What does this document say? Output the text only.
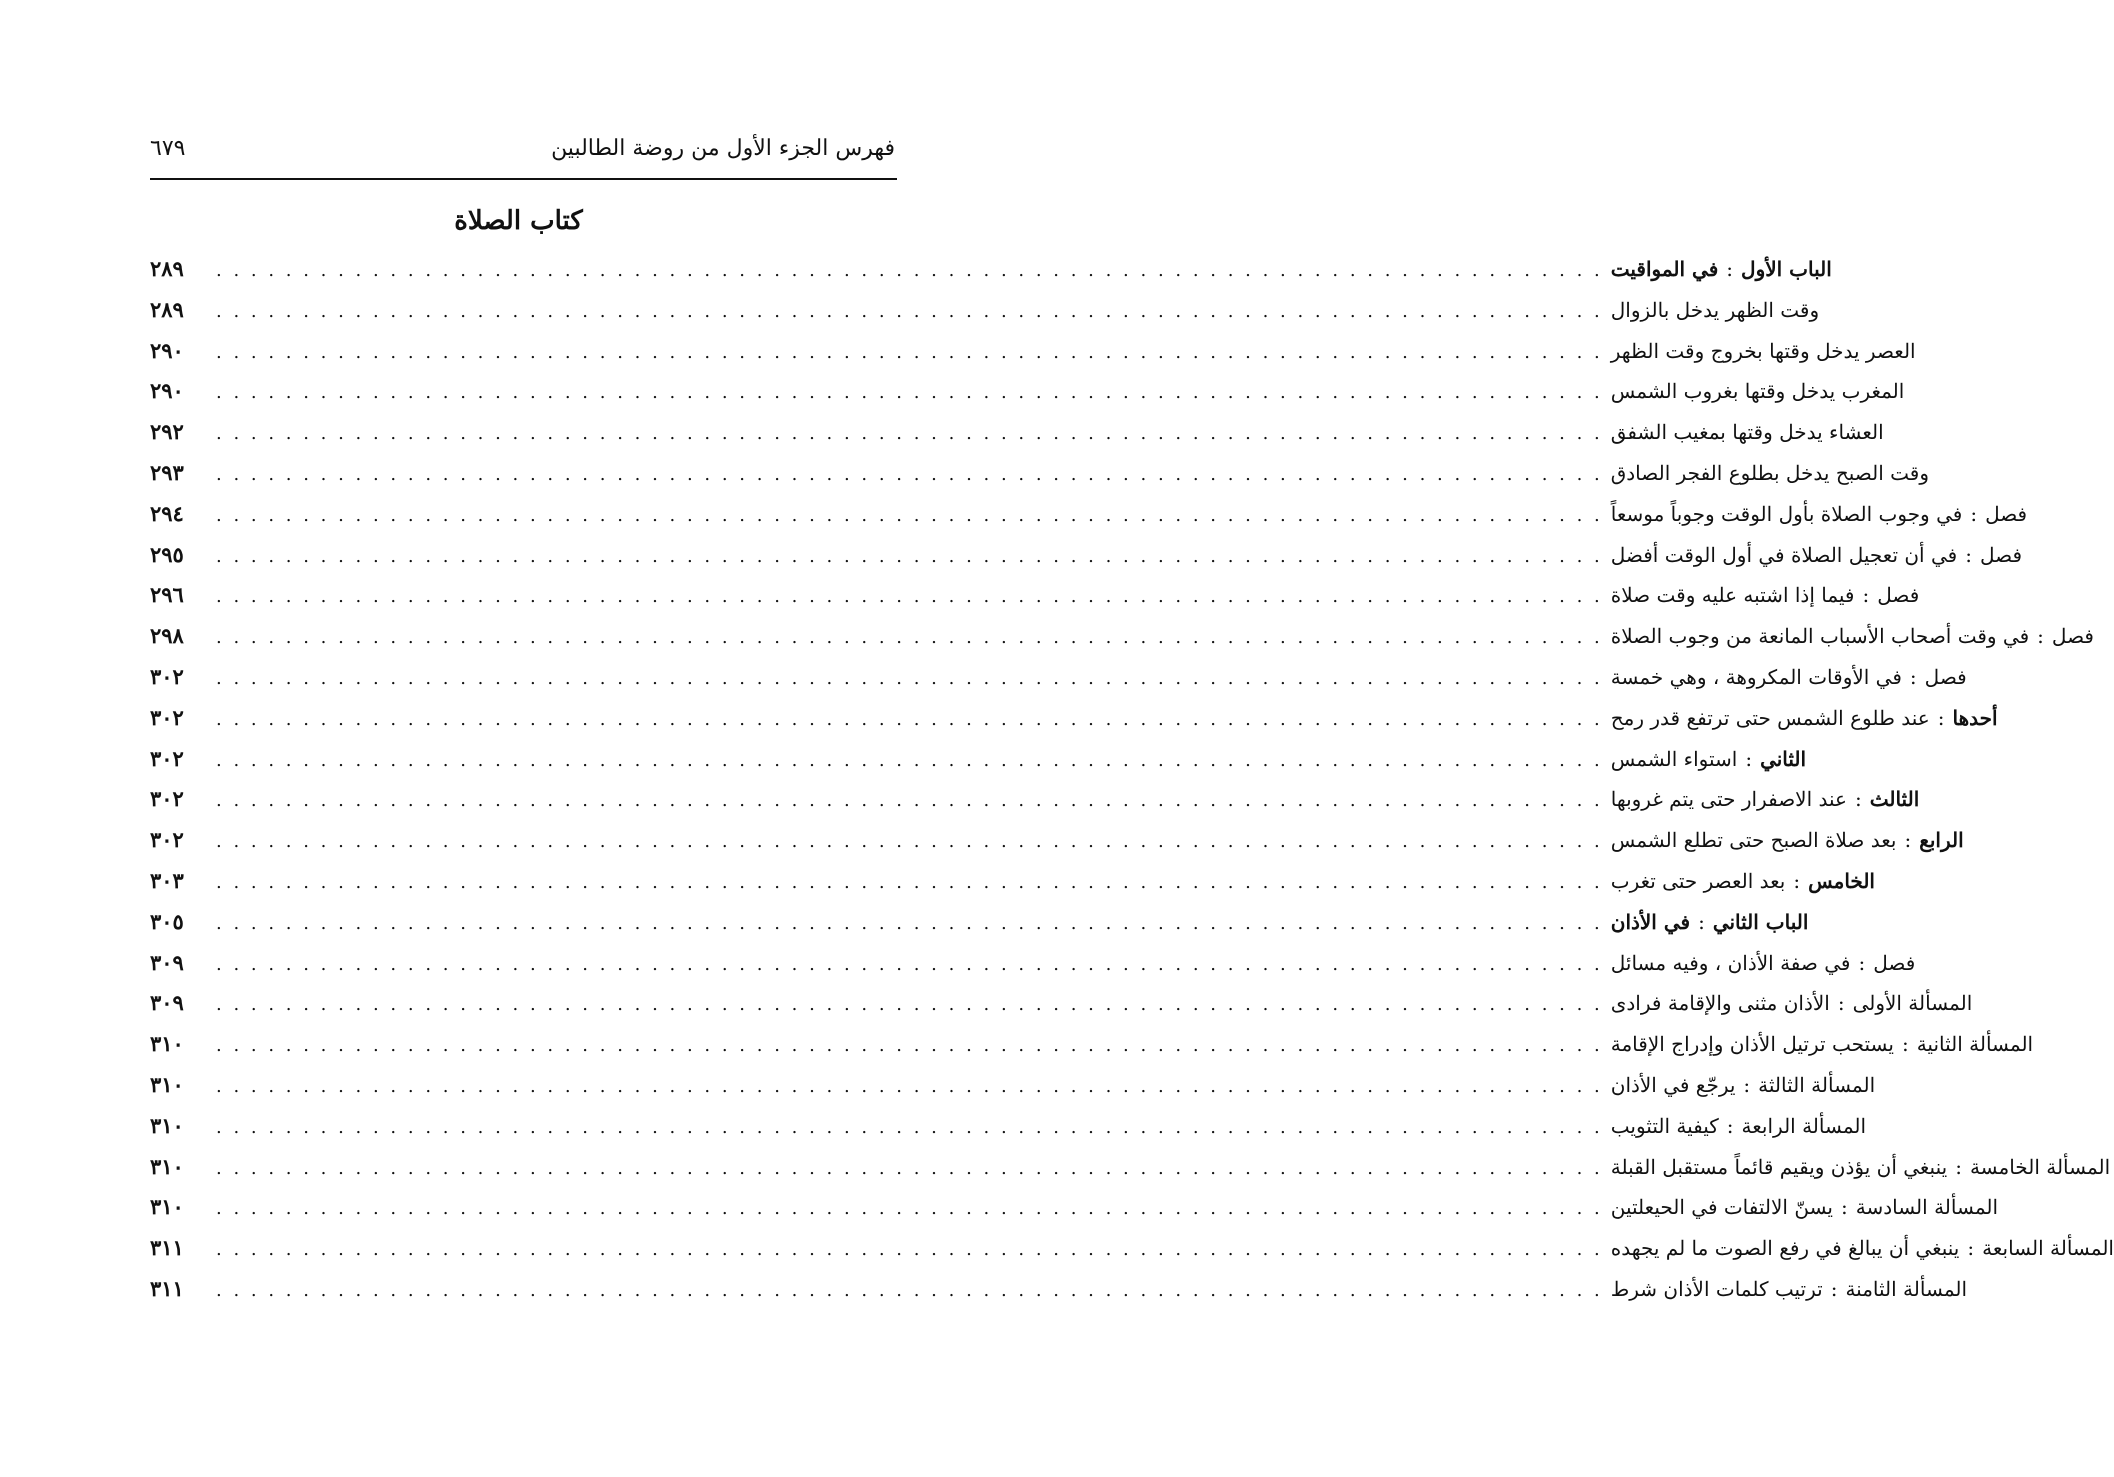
فهرس الجزء الأول من روضة الطالبين
٦٧٩
كتاب الصلاة
٢٨٩	. . . . . . . . . . . . . . . . . . . . . . . . . . . . . . . . . . . . . . . . . . . . . . . . . . . . . . . . . . . . . . . . . . . . . . . . . . . . . . . .	الباب الأول:في المواقيت
٢٨٩	. . . . . . . . . . . . . . . . . . . . . . . . . . . . . . . . . . . . . . . . . . . . . . . . . . . . . . . . . . . . . . . . . . . . . . . . . . . . . . . . وقت الظهر يدخل بالزوال
٢٩٠	. . . . . . . . . . . . . . . . . . . . . . . . . . . . . . . . . . . . . . . . . . . . . . . . . . . . . . . . . . . . . . . . . . . . . . . . . . . . . . . . العصر يدخل وقتها بخروج وقت الظهر
٢٩٠	. . . . . . . . . . . . . . . . . . . . . . . . . . . . . . . . . . . . . . . . . . . . . . . . . . . . . . . . . . . . . . . . . . . . . . . . . . . . . . . . المغرب يدخل وقتها بغروب الشمس
٢٩٢	. . . . . . . . . . . . . . . . . . . . . . . . . . . . . . . . . . . . . . . . . . . . . . . . . . . . . . . . . . . . . . . . . . . . . . . . . . . . . . . . العشاء يدخل وقتها بمغيب الشفق
٢٩٣	. . . . . . . . . . . . . . . . . . . . . . . . . . . . . . . . . . . . . . . . . . . . . . . . . . . . . . . . . . . . . . . . . . . . . . . . . . . . . . . . وقت الصبح يدخل بطلوع الفجر الصادق
٢٩٤	. . . . . . . . . . . . . . . . . . . . . . . . . . . . . . . . . . . . . . . . . . . . . . . . . . . . . . . . . . . . . . . . . . . . . . . . . . . . . . . .	فصل:في وجوب الصلاة بأول الوقت وجوباً موسعاً
٢٩٥	. . . . . . . . . . . . . . . . . . . . . . . . . . . . . . . . . . . . . . . . . . . . . . . . . . . . . . . . . . . . . . . . . . . . . . . . . . . . . . . .	فصل:في أن تعجيل الصلاة في أول الوقت أفضل
٢٩٦	. . . . . . . . . . . . . . . . . . . . . . . . . . . . . . . . . . . . . . . . . . . . . . . . . . . . . . . . . . . . . . . . . . . . . . . . . . . . . . . .	فصل:فيما إذا اشتبه عليه وقت صلاة
٢٩٨	. . . . . . . . . . . . . . . . . . . . . . . . . . . . . . . . . . . . . . . . . . . . . . . . . . . . . . . . . . . . . . . . . . . . . . . . . . . . . . . .	فصل:في وقت أصحاب الأسباب المانعة من وجوب الصلاة
٣٠٢	. . . . . . . . . . . . . . . . . . . . . . . . . . . . . . . . . . . . . . . . . . . . . . . . . . . . . . . . . . . . . . . . . . . . . . . . . . . . . . . .	فصل:في الأوقات المكروهة ، وهي خمسة
٣٠٢	. . . . . . . . . . . . . . . . . . . . . . . . . . . . . . . . . . . . . . . . . . . . . . . . . . . . . . . . . . . . . . . . . . . . . . . . . . . . . . . .	أحدها:عند طلوع الشمس حتى ترتفع قدر رمح
٣٠٢	. . . . . . . . . . . . . . . . . . . . . . . . . . . . . . . . . . . . . . . . . . . . . . . . . . . . . . . . . . . . . . . . . . . . . . . . . . . . . . . .	الثاني:استواء الشمس
٣٠٢	. . . . . . . . . . . . . . . . . . . . . . . . . . . . . . . . . . . . . . . . . . . . . . . . . . . . . . . . . . . . . . . . . . . . . . . . . . . . . . . .	الثالث:عند الاصفرار حتى يتم غروبها
٣٠٢	. . . . . . . . . . . . . . . . . . . . . . . . . . . . . . . . . . . . . . . . . . . . . . . . . . . . . . . . . . . . . . . . . . . . . . . . . . . . . . . .	الرابع:بعد صلاة الصبح حتى تطلع الشمس
٣٠٣	. . . . . . . . . . . . . . . . . . . . . . . . . . . . . . . . . . . . . . . . . . . . . . . . . . . . . . . . . . . . . . . . . . . . . . . . . . . . . . . .	الخامس:بعد العصر حتى تغرب
٣٠٥	. . . . . . . . . . . . . . . . . . . . . . . . . . . . . . . . . . . . . . . . . . . . . . . . . . . . . . . . . . . . . . . . . . . . . . . . . . . . . . . .	الباب الثاني:في الأذان
٣٠٩	. . . . . . . . . . . . . . . . . . . . . . . . . . . . . . . . . . . . . . . . . . . . . . . . . . . . . . . . . . . . . . . . . . . . . . . . . . . . . . . .	فصل:في صفة الأذان ، وفيه مسائل
٣٠٩	. . . . . . . . . . . . . . . . . . . . . . . . . . . . . . . . . . . . . . . . . . . . . . . . . . . . . . . . . . . . . . . . . . . . . . . . . . . . . . . .	المسألة الأولى:الأذان مثنى والإقامة فرادى
٣١٠	. . . . . . . . . . . . . . . . . . . . . . . . . . . . . . . . . . . . . . . . . . . . . . . . . . . . . . . . . . . . . . . . . . . . . . . . . . . . . . . .	المسألة الثانية:يستحب ترتيل الأذان وإدراج الإقامة
٣١٠	. . . . . . . . . . . . . . . . . . . . . . . . . . . . . . . . . . . . . . . . . . . . . . . . . . . . . . . . . . . . . . . . . . . . . . . . . . . . . . . .	المسألة الثالثة:يرجّع في الأذان
٣١٠	. . . . . . . . . . . . . . . . . . . . . . . . . . . . . . . . . . . . . . . . . . . . . . . . . . . . . . . . . . . . . . . . . . . . . . . . . . . . . . . .	المسألة الرابعة:كيفية التثويب
٣١٠	. . . . . . . . . . . . . . . . . . . . . . . . . . . . . . . . . . . . . . . . . . . . . . . . . . . . . . . . . . . . . . . . . . . . . . . . . . . . . . . .	المسألة الخامسة:ينبغي أن يؤذن ويقيم قائماً مستقبل القبلة
٣١٠	. . . . . . . . . . . . . . . . . . . . . . . . . . . . . . . . . . . . . . . . . . . . . . . . . . . . . . . . . . . . . . . . . . . . . . . . . . . . . . . .	المسألة السادسة:يسنّ الالتفات في الحيعلتين
٣١١	. . . . . . . . . . . . . . . . . . . . . . . . . . . . . . . . . . . . . . . . . . . . . . . . . . . . . . . . . . . . . . . . . . . . . . . . . . . . . . . .	المسألة السابعة:ينبغي أن يبالغ في رفع الصوت ما لم يجهده
٣١١	. . . . . . . . . . . . . . . . . . . . . . . . . . . . . . . . . . . . . . . . . . . . . . . . . . . . . . . . . . . . . . . . . . . . . . . . . . . . . . . .	المسألة الثامنة:ترتيب كلمات الأذان شرط
